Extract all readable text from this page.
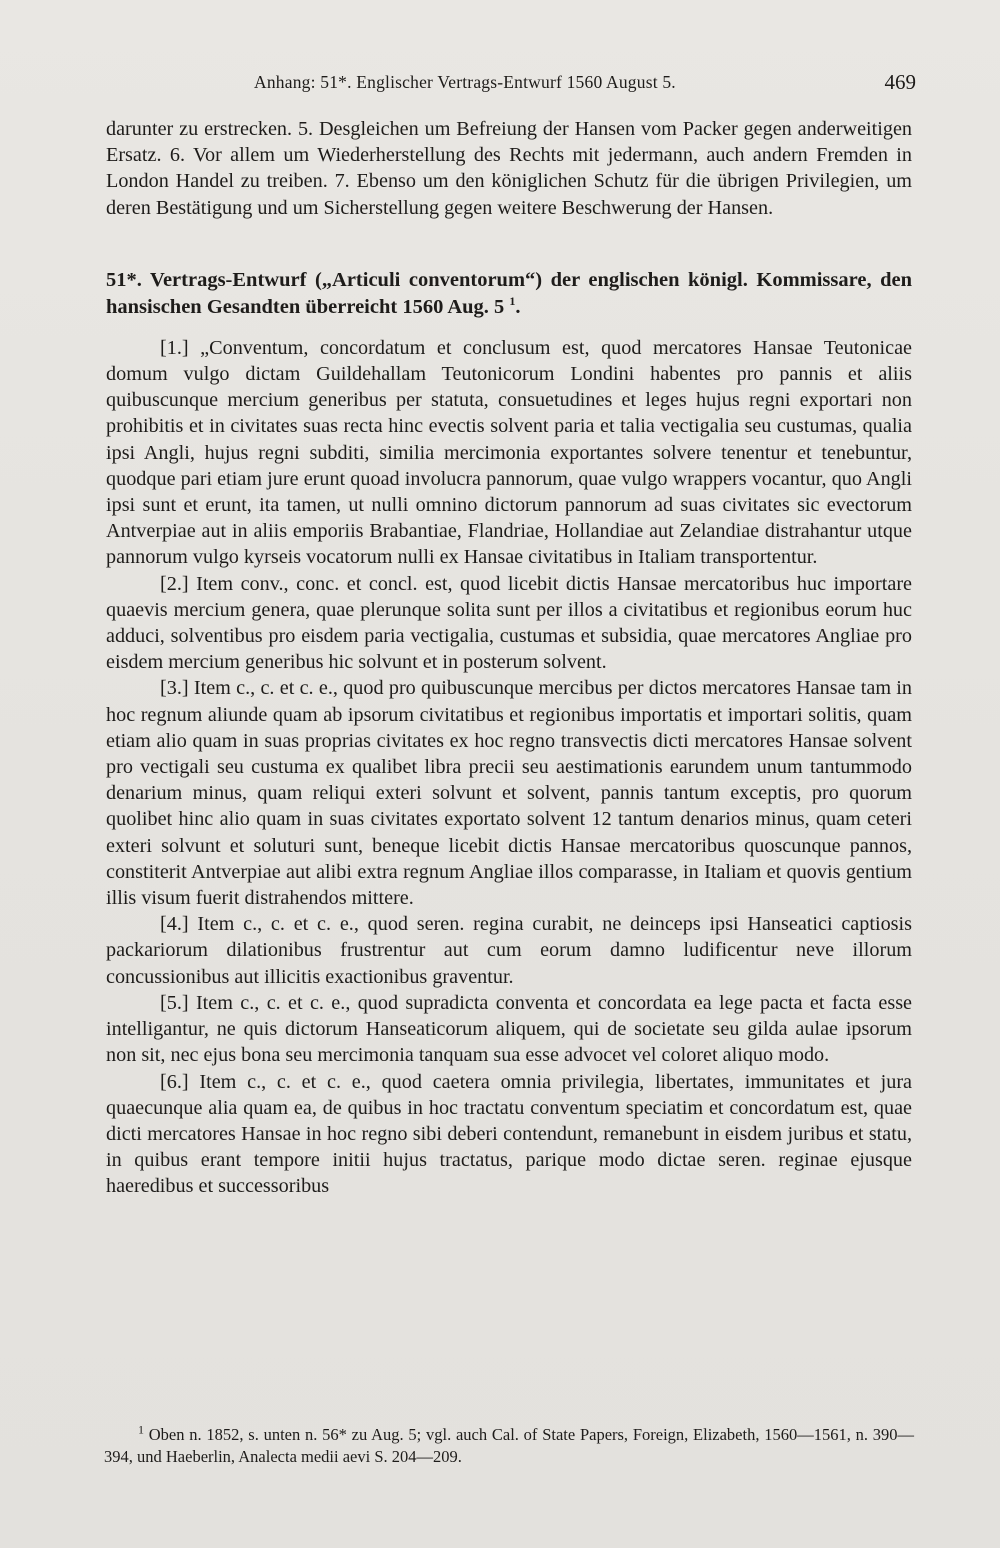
Anhang: 51*. Englischer Vertrags-Entwurf 1560 August 5.	469

darunter zu erstrecken. 5. Desgleichen um Befreiung der Hansen vom Packer gegen anderweitigen Ersatz. 6. Vor allem um Wiederherstellung des Rechts mit jedermann, auch andern Fremden in London Handel zu treiben. 7. Ebenso um den königlichen Schutz für die übrigen Privilegien, um deren Bestätigung und um Sicherstellung gegen weitere Beschwerung der Hansen.

51*. Vertrags-Entwurf („Articuli conventorum“) der englischen königl. Kommissare, den hansischen Gesandten überreicht 1560 Aug. 5 $^1$.

[1.] „Conventum, concordatum et conclusum est, quod mercatores Hansae Teutonicae domum vulgo dictam Guildehallam Teutonicorum Londini habentes pro pannis et aliis quibuscunque mercium generibus per statuta, consuetudines et leges hujus regni exportari non prohibitis et in civitates suas recta hinc evectis solvent paria et talia vectigalia seu custumas, qualia ipsi Angli, hujus regni subditi, similia mercimonia exportantes solvere tenentur et tenebuntur, quodque pari etiam jure erunt quoad involucra pannorum, quae vulgo wrappers vocantur, quo Angli ipsi sunt et erunt, ita tamen, ut nulli omnino dictorum pannorum ad suas civitates sic evectorum Antverpiae aut in aliis emporiis Brabantiae, Flandriae, Hollandiae aut Zelandiae distrahantur utque pannorum vulgo kyrseis vocatorum nulli ex Hansae civitatibus in Italiam transportentur.

[2.] Item conv., conc. et concl. est, quod licebit dictis Hansae mercatoribus huc importare quaevis mercium genera, quae plerunque solita sunt per illos a civitatibus et regionibus eorum huc adduci, solventibus pro eisdem paria vectigalia, custumas et subsidia, quae mercatores Angliae pro eisdem mercium generibus hic solvunt et in posterum solvent.

[3.] Item c., c. et c. e., quod pro quibuscunque mercibus per dictos mercatores Hansae tam in hoc regnum aliunde quam ab ipsorum civitatibus et regionibus importatis et importari solitis, quam etiam alio quam in suas proprias civitates ex hoc regno transvectis dicti mercatores Hansae solvent pro vectigali seu custuma ex qualibet libra precii seu aestimationis earundem unum tantummodo denarium minus, quam reliqui exteri solvunt et solvent, pannis tantum exceptis, pro quorum quolibet hinc alio quam in suas civitates exportato solvent 12 tantum denarios minus, quam ceteri exteri solvunt et soluturi sunt, beneque licebit dictis Hansae mercatoribus quoscunque pannos, constiterit Antverpiae aut alibi extra regnum Angliae illos comparasse, in Italiam et quovis gentium illis visum fuerit distrahendos mittere.

[4.] Item c., c. et c. e., quod seren. regina curabit, ne deinceps ipsi Hanseatici captiosis packariorum dilationibus frustrentur aut cum eorum damno ludificentur neve illorum concussionibus aut illicitis exactionibus graventur.

[5.] Item c., c. et c. e., quod supradicta conventa et concordata ea lege pacta et facta esse intelligantur, ne quis dictorum Hanseaticorum aliquem, qui de societate seu gilda aulae ipsorum non sit, nec ejus bona seu mercimonia tanquam sua esse advocet vel coloret aliquo modo.

[6.] Item c., c. et c. e., quod caetera omnia privilegia, libertates, immunitates et jura quaecunque alia quam ea, de quibus in hoc tractatu conventum speciatim et concordatum est, quae dicti mercatores Hansae in hoc regno sibi deberi contendunt, remanebunt in eisdem juribus et statu, in quibus erant tempore initii hujus tractatus, parique modo dictae seren. reginae ejusque haeredibus et successoribus

$^1$ Oben n. 1852, s. unten n. 56* zu Aug. 5; vgl. auch Cal. of State Papers, Foreign, Elizabeth, 1560—1561, n. 390—394, und Haeberlin, Analecta medii aevi S. 204—209.
